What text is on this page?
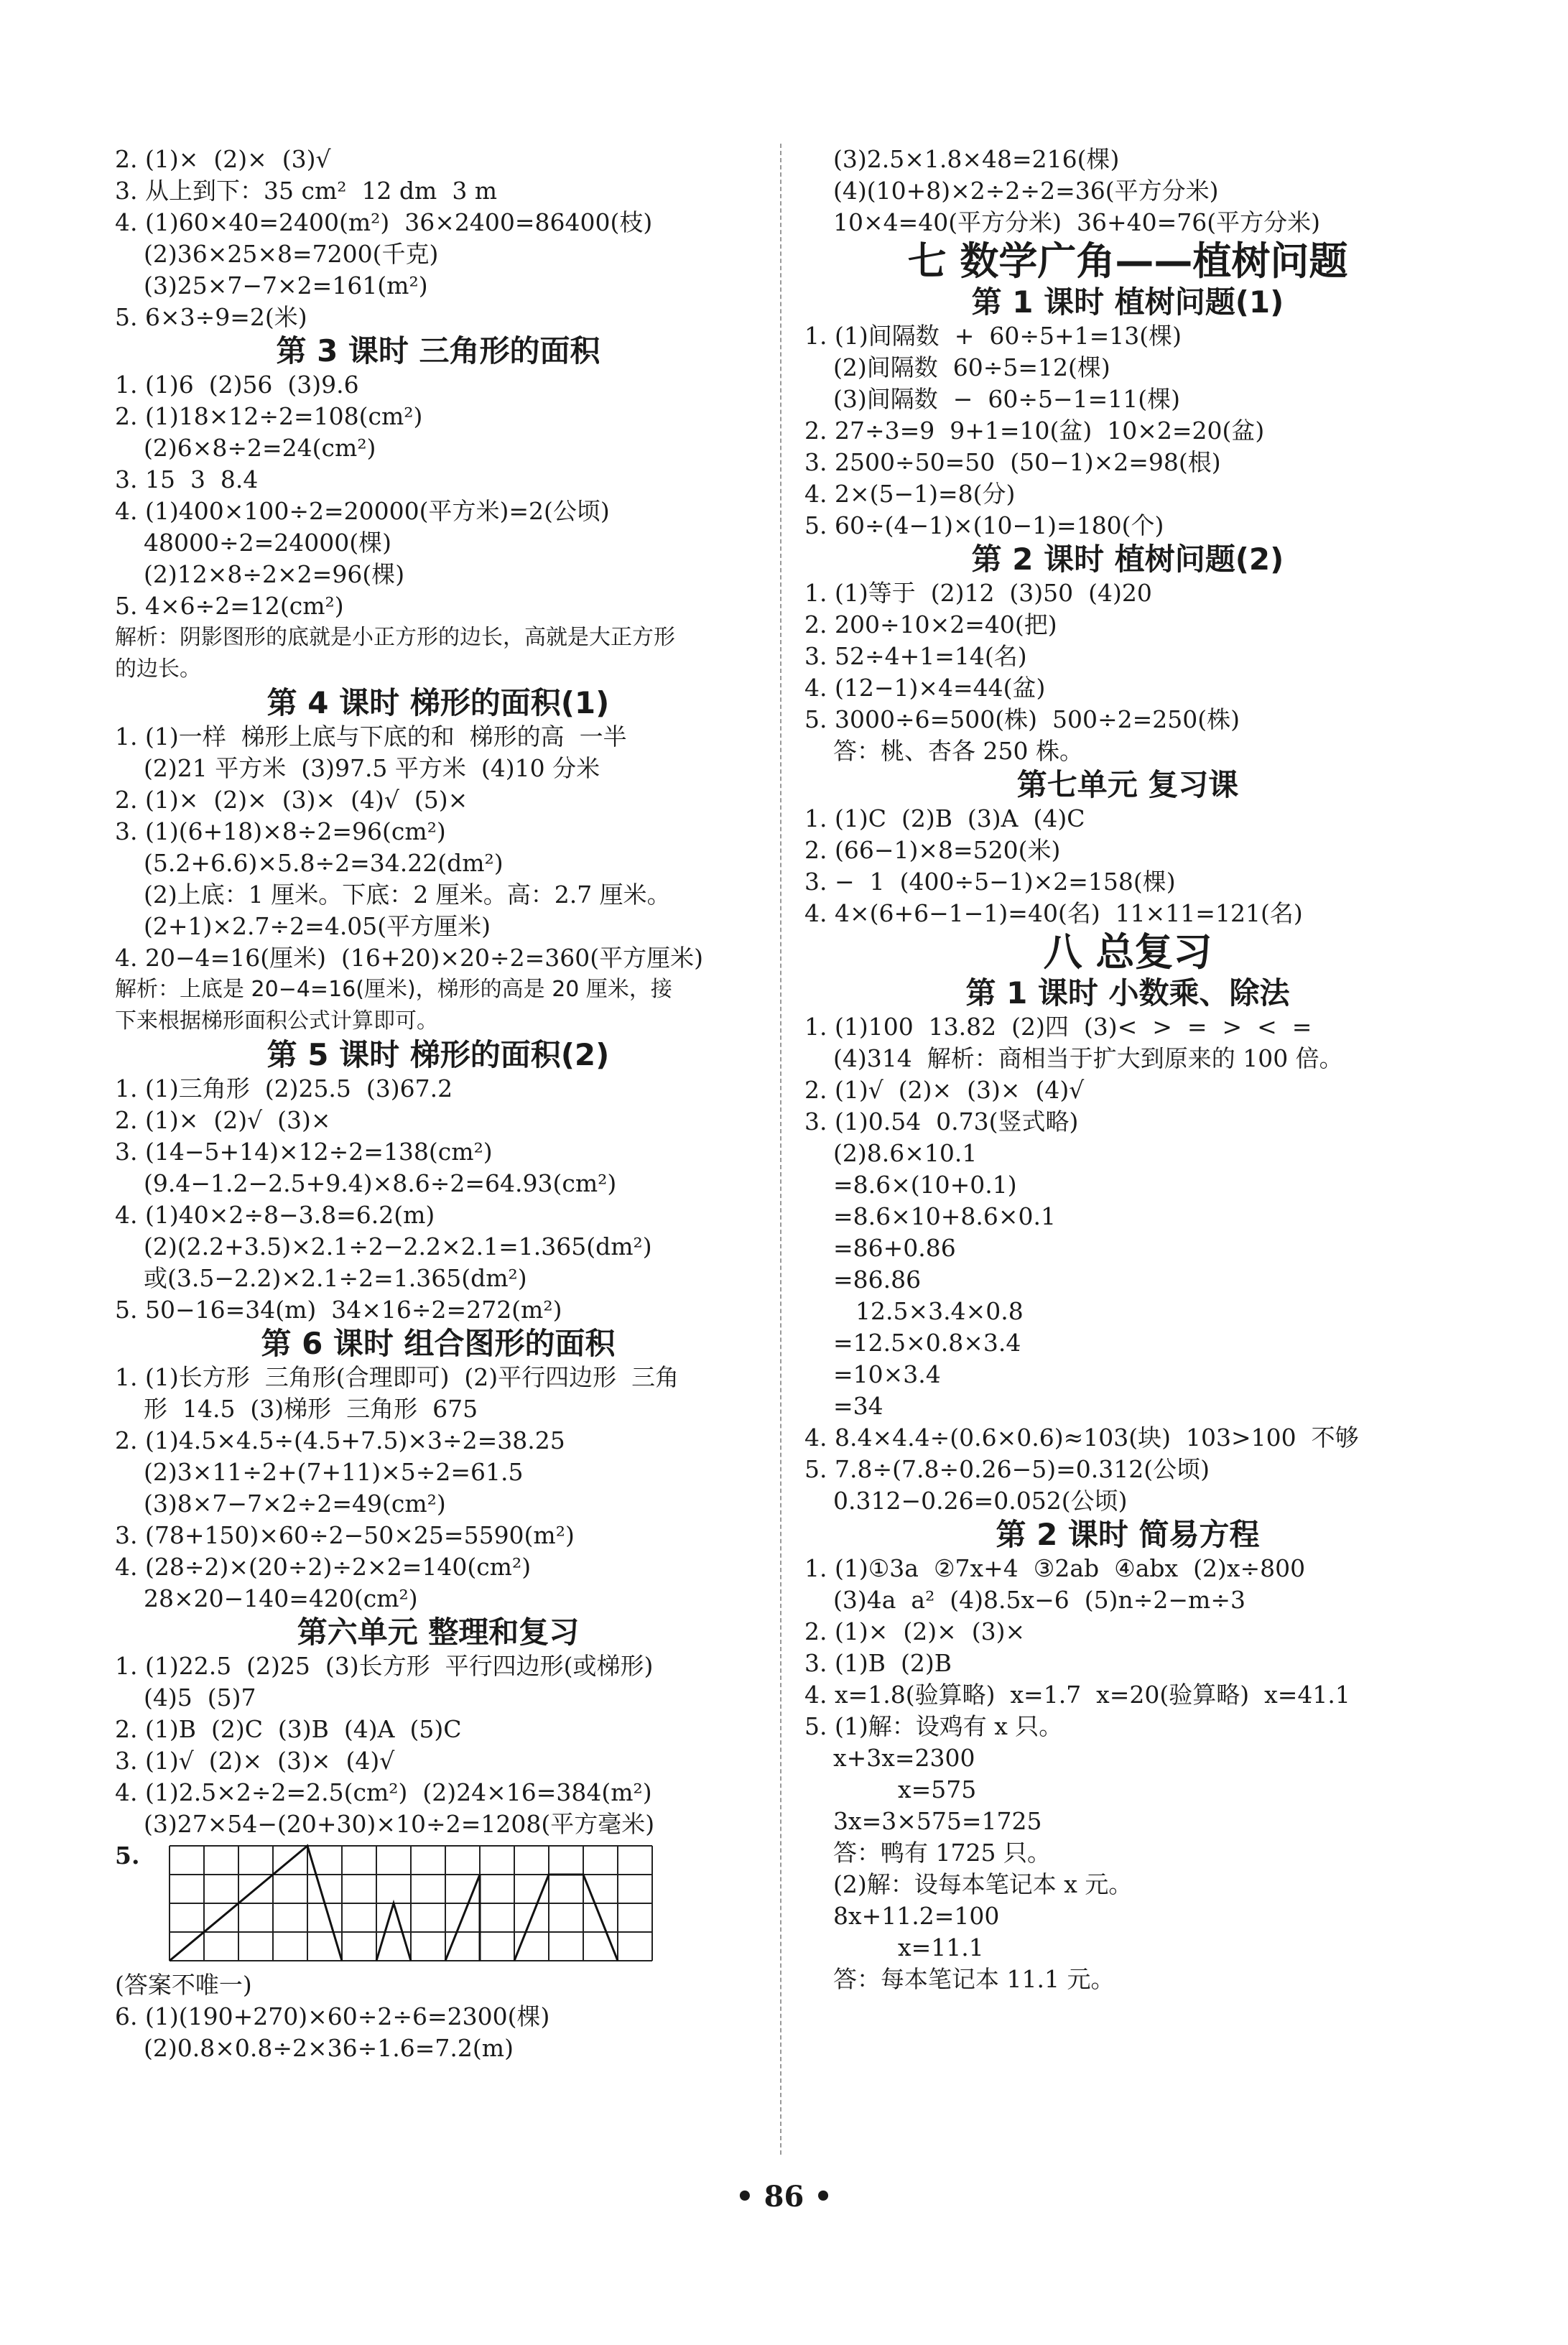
2. (1)×  (2)×  (3)√
3. 从上到下：35 cm²  12 dm  3 m
4. (1)60×40=2400(m²)  36×2400=86400(枝)
(2)36×25×8=7200(千克)
(3)25×7−7×2=161(m²)
5. 6×3÷9=2(米)
第 3 课时 三角形的面积
1. (1)6  (2)56  (3)9.6
2. (1)18×12÷2=108(cm²)
(2)6×8÷2=24(cm²)
3. 15  3  8.4
4. (1)400×100÷2=20000(平方米)=2(公顷)
48000÷2=24000(棵)
(2)12×8÷2×2=96(棵)
5. 4×6÷2=12(cm²)
解析：阴影图形的底就是小正方形的边长，高就是大正方形
的边长。
第 4 课时 梯形的面积(1)
1. (1)一样  梯形上底与下底的和  梯形的高  一半
(2)21 平方米  (3)97.5 平方米  (4)10 分米
2. (1)×  (2)×  (3)×  (4)√  (5)×
3. (1)(6+18)×8÷2=96(cm²)
(5.2+6.6)×5.8÷2=34.22(dm²)
(2)上底：1 厘米。下底：2 厘米。高：2.7 厘米。
(2+1)×2.7÷2=4.05(平方厘米)
4. 20−4=16(厘米)  (16+20)×20÷2=360(平方厘米)
解析：上底是 20−4=16(厘米)，梯形的高是 20 厘米，接
下来根据梯形面积公式计算即可。
第 5 课时 梯形的面积(2)
1. (1)三角形  (2)25.5  (3)67.2
2. (1)×  (2)√  (3)×
3. (14−5+14)×12÷2=138(cm²)
(9.4−1.2−2.5+9.4)×8.6÷2=64.93(cm²)
4. (1)40×2÷8−3.8=6.2(m)
(2)(2.2+3.5)×2.1÷2−2.2×2.1=1.365(dm²)
或(3.5−2.2)×2.1÷2=1.365(dm²)
5. 50−16=34(m)  34×16÷2=272(m²)
第 6 课时 组合图形的面积
1. (1)长方形  三角形(合理即可)  (2)平行四边形  三角
形  14.5  (3)梯形  三角形  675
2. (1)4.5×4.5÷(4.5+7.5)×3÷2=38.25
(2)3×11÷2+(7+11)×5÷2=61.5
(3)8×7−7×2÷2=49(cm²)
3. (78+150)×60÷2−50×25=5590(m²)
4. (28÷2)×(20÷2)÷2×2=140(cm²)
28×20−140=420(cm²)
第六单元 整理和复习
1. (1)22.5  (2)25  (3)长方形  平行四边形(或梯形)
(4)5  (5)7
2. (1)B  (2)C  (3)B  (4)A  (5)C
3. (1)√  (2)×  (3)×  (4)√
4. (1)2.5×2÷2=2.5(cm²)  (2)24×16=384(m²)
(3)27×54−(20+30)×10÷2=1208(平方毫米)
5.
(答案不唯一)
6. (1)(190+270)×60÷2÷6=2300(棵)
(2)0.8×0.8÷2×36÷1.6=7.2(m)
(3)2.5×1.8×48=216(棵)
(4)(10+8)×2÷2÷2=36(平方分米)
10×4=40(平方分米)  36+40=76(平方分米)
七 数学广角——植树问题
第 1 课时 植树问题(1)
1. (1)间隔数  +  60÷5+1=13(棵)
(2)间隔数  60÷5=12(棵)
(3)间隔数  −  60÷5−1=11(棵)
2. 27÷3=9  9+1=10(盆)  10×2=20(盆)
3. 2500÷50=50  (50−1)×2=98(根)
4. 2×(5−1)=8(分)
5. 60÷(4−1)×(10−1)=180(个)
第 2 课时 植树问题(2)
1. (1)等于  (2)12  (3)50  (4)20
2. 200÷10×2=40(把)
3. 52÷4+1=14(名)
4. (12−1)×4=44(盆)
5. 3000÷6=500(株)  500÷2=250(株)
答：桃、杏各 250 株。
第七单元 复习课
1. (1)C  (2)B  (3)A  (4)C
2. (66−1)×8=520(米)
3. −  1  (400÷5−1)×2=158(棵)
4. 4×(6+6−1−1)=40(名)  11×11=121(名)
八 总复习
第 1 课时 小数乘、除法
1. (1)100  13.82  (2)四  (3)<  >  =  >  <  =
(4)314  解析：商相当于扩大到原来的 100 倍。
2. (1)√  (2)×  (3)×  (4)√
3. (1)0.54  0.73(竖式略)
(2)8.6×10.1
=8.6×(10+0.1)
=8.6×10+8.6×0.1
=86+0.86
=86.86
12.5×3.4×0.8
=12.5×0.8×3.4
=10×3.4
=34
4. 8.4×4.4÷(0.6×0.6)≈103(块)  103>100  不够
5. 7.8÷(7.8÷0.26−5)=0.312(公顷)
0.312−0.26=0.052(公顷)
第 2 课时 简易方程
1. (1)①3a  ②7x+4  ③2ab  ④abx  (2)x÷800
(3)4a  a²  (4)8.5x−6  (5)n÷2−m÷3
2. (1)×  (2)×  (3)×
3. (1)B  (2)B
4. x=1.8(验算略)  x=1.7  x=20(验算略)  x=41.1
5. (1)解：设鸡有 x 只。
x+3x=2300
x=575
3x=3×575=1725
答：鸭有 1725 只。
(2)解：设每本笔记本 x 元。
8x+11.2=100
x=11.1
答：每本笔记本 11.1 元。
• 86 •
